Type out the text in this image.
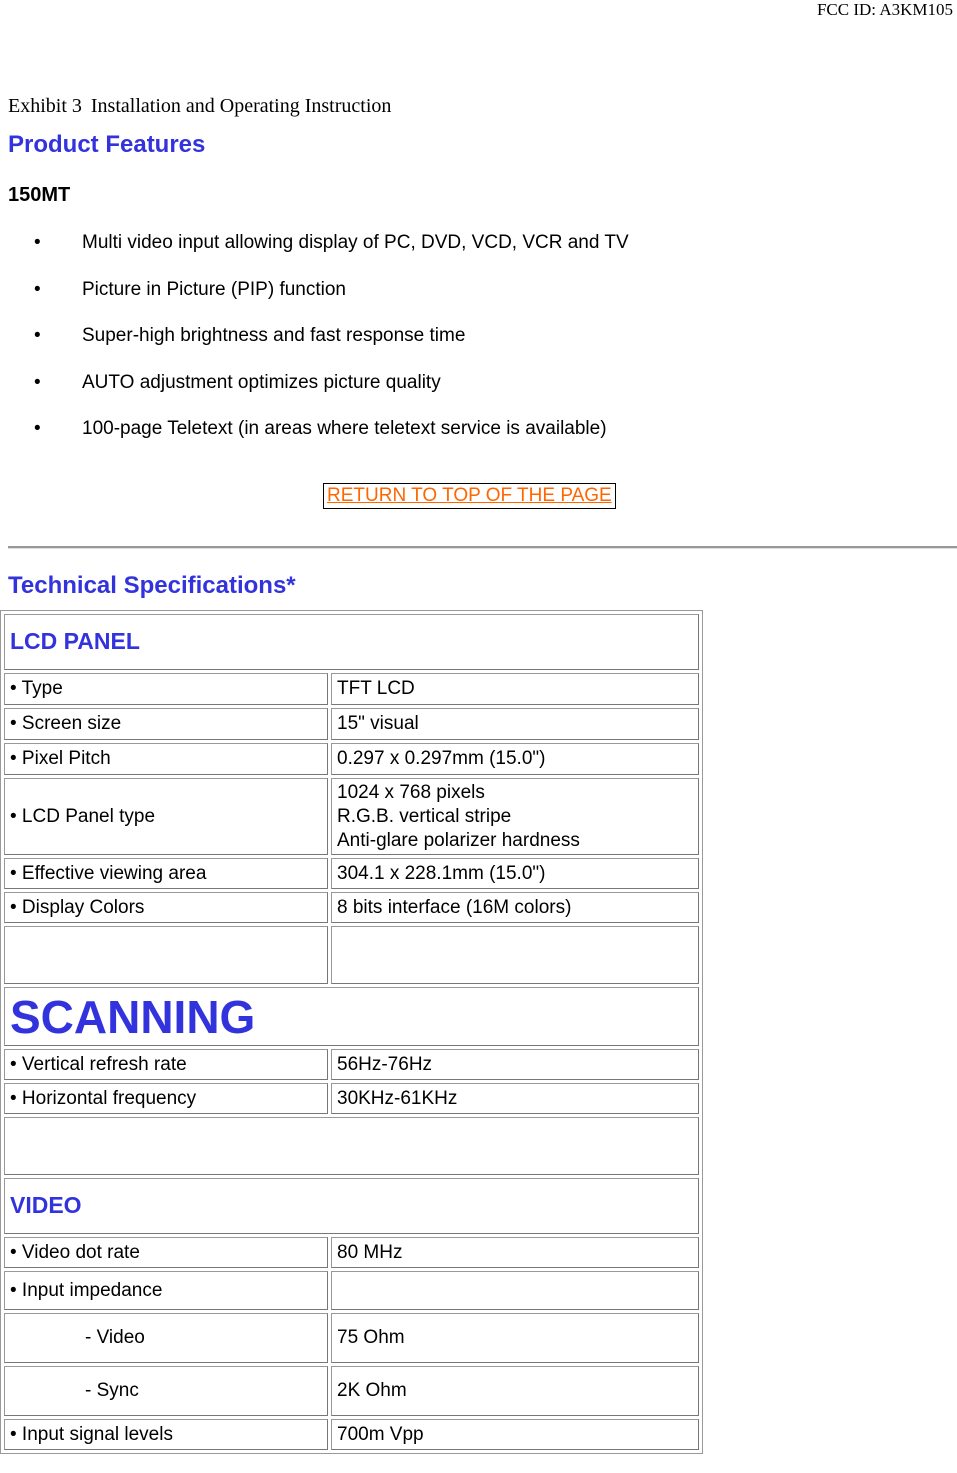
FCC ID: A3KM105
Exhibit 3 Installation and Operating Instruction
Product Features
150MT
•	Multi video input allowing display of PC, DVD, VCD, VCR and TV
•	Picture in Picture (PIP) function
•	Super-high brightness and fast response time
•	AUTO adjustment optimizes picture quality
•	100-page Teletext (in areas where teletext service is available)
RETURN TO TOP OF THE PAGE
Technical Specifications*
LCD PANEL	
• Type	TFT LCD
• Screen size	15" visual
• Pixel Pitch	0.297 x 0.297mm (15.0")
• LCD Panel type	1024 x 768 pixels
R.G.B. vertical stripe
Anti-glare polarizer hardness

• Effective viewing area	304.1 x 228.1mm (15.0")
• Display Colors	8 bits interface (16M colors)

SCANNING	
• Vertical refresh rate	56Hz-76Hz
• Horizontal frequency	30KHz-61KHz

VIDEO	
• Video dot rate	80 MHz
• Input impedance	
- Video	75 Ohm
- Sync	2K Ohm
• Input signal levels	700m Vpp
